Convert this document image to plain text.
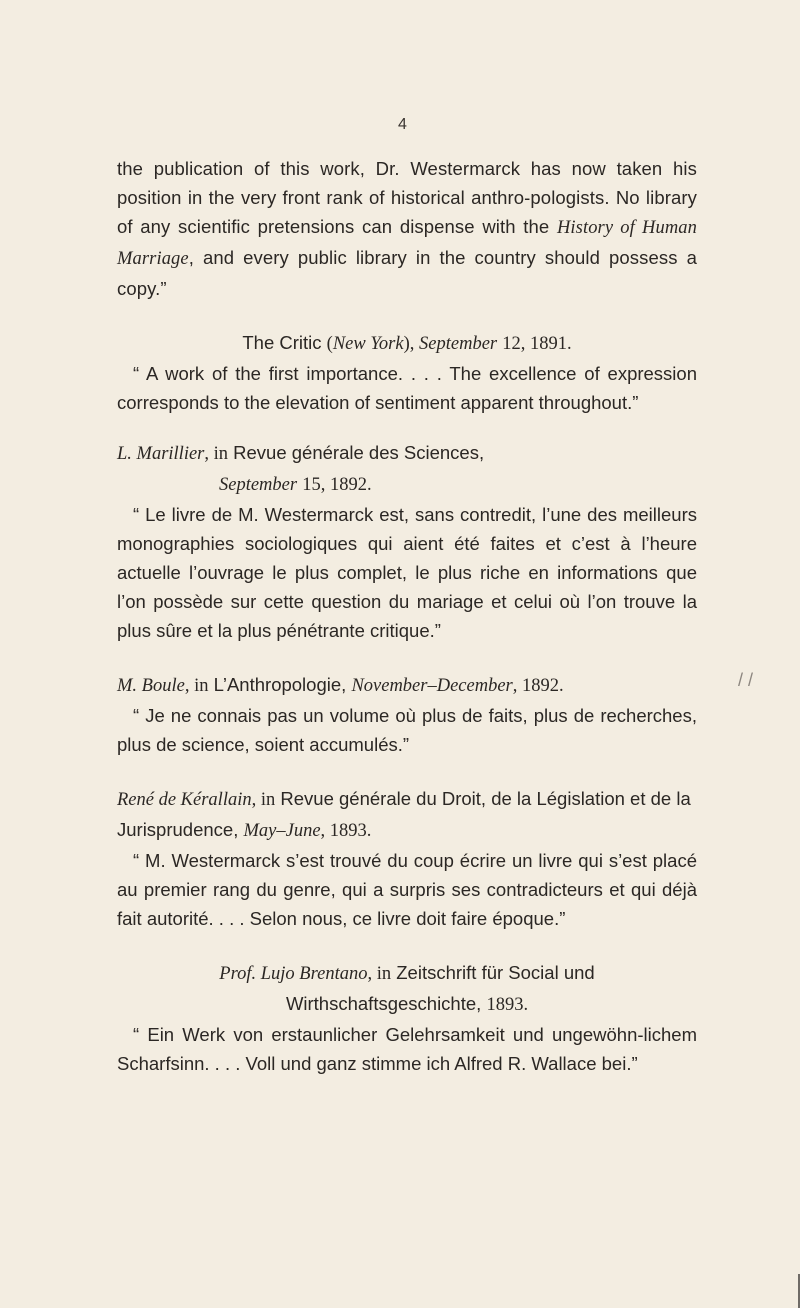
4

the publication of this work, Dr. Westermarck has now taken his position in the very front rank of historical anthro-pologists. No library of any scientific pretensions can dispense with the History of Human Marriage, and every public library in the country should possess a copy.”

The Critic (New York), September 12, 1891.

“ A work of the first importance. . . . The excellence of expression corresponds to the elevation of sentiment apparent throughout.”

L. Marillier, in Revue générale des Sciences,
September 15, 1892.

“ Le livre de M. Westermarck est, sans contredit, l’une des meilleurs monographies sociologiques qui aient été faites et c’est à l’heure actuelle l’ouvrage le plus complet, le plus riche en informations que l’on possède sur cette question du mariage et celui où l’on trouve la plus sûre et la plus pénétrante critique.”

M. Boule, in L’Anthropologie, November–December, 1892.

“ Je ne connais pas un volume où plus de faits, plus de recherches, plus de science, soient accumulés.”

René de Kérallain, in Revue générale du Droit, de la Législation et de la Jurisprudence, May–June, 1893.

“ M. Westermarck s’est trouvé du coup écrire un livre qui s’est placé au premier rang du genre, qui a surpris ses contradicteurs et qui déjà fait autorité. . . . Selon nous, ce livre doit faire époque.”

Prof. Lujo Brentano, in Zeitschrift für Social und Wirthschaftsgeschichte, 1893.

“ Ein Werk von erstaunlicher Gelehrsamkeit und ungewöhn-lichem Scharfsinn. . . . Voll und ganz stimme ich Alfred R. Wallace bei.”

/ /
